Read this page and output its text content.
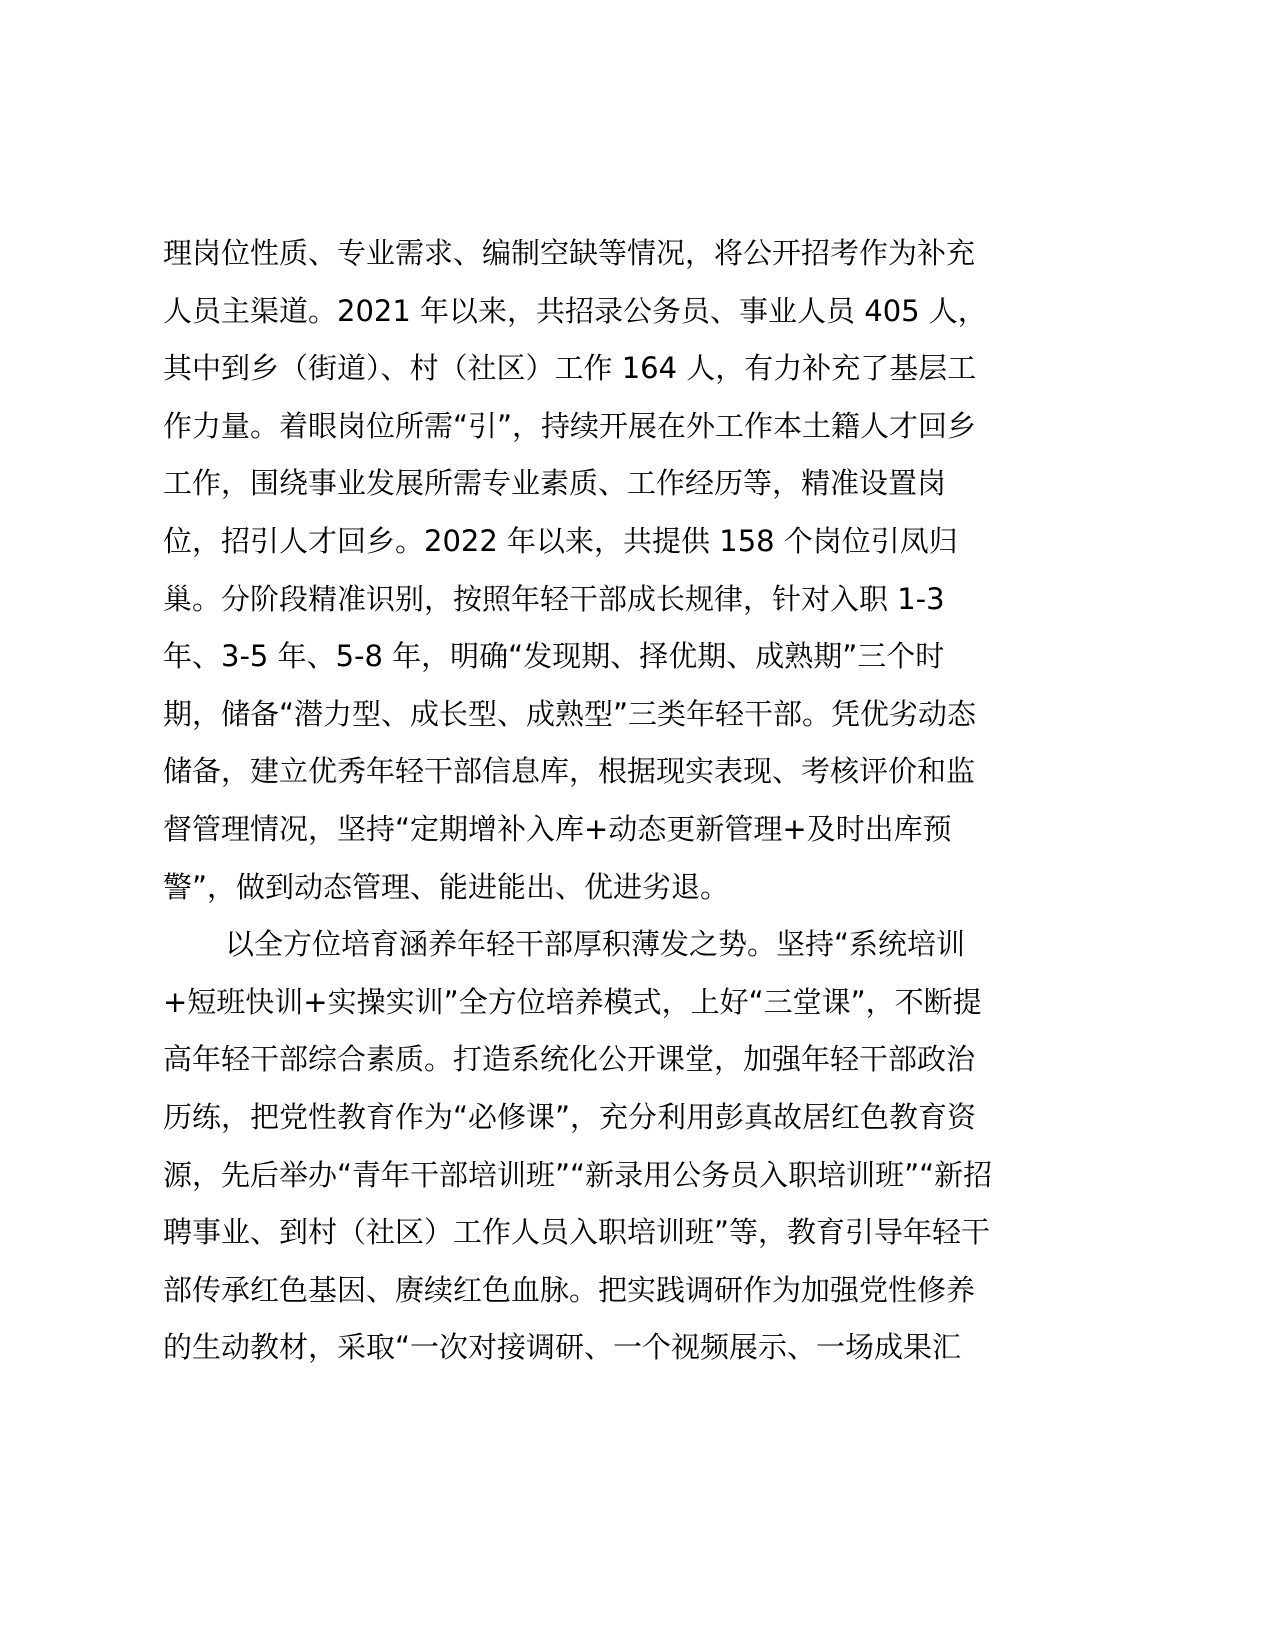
理岗位性质、专业需求、编制空缺等情况，将公开招考作为补充
人员主渠道。2021 年以来，共招录公务员、事业人员 405 人，
其中到乡（街道）、村（社区）工作 164 人，有力补充了基层工
作力量。着眼岗位所需“引”，持续开展在外工作本土籍人才回乡
工作，围绕事业发展所需专业素质、工作经历等，精准设置岗
位，招引人才回乡。2022 年以来，共提供 158 个岗位引凤归
巢。分阶段精准识别，按照年轻干部成长规律，针对入职 1-3
年、3-5 年、5-8 年，明确“发现期、择优期、成熟期”三个时
期，储备“潜力型、成长型、成熟型”三类年轻干部。凭优劣动态
储备，建立优秀年轻干部信息库，根据现实表现、考核评价和监
督管理情况，坚持“定期增补入库+动态更新管理+及时出库预
警”，做到动态管理、能进能出、优进劣退。
以全方位培育涵养年轻干部厚积薄发之势。坚持“系统培训
+短班快训+实操实训”全方位培养模式，上好“三堂课”，不断提
高年轻干部综合素质。打造系统化公开课堂，加强年轻干部政治
历练，把党性教育作为“必修课”，充分利用彭真故居红色教育资
源，先后举办“青年干部培训班”“新录用公务员入职培训班”“新招
聘事业、到村（社区）工作人员入职培训班”等，教育引导年轻干
部传承红色基因、赓续红色血脉。把实践调研作为加强党性修养
的生动教材，采取“一次对接调研、一个视频展示、一场成果汇
